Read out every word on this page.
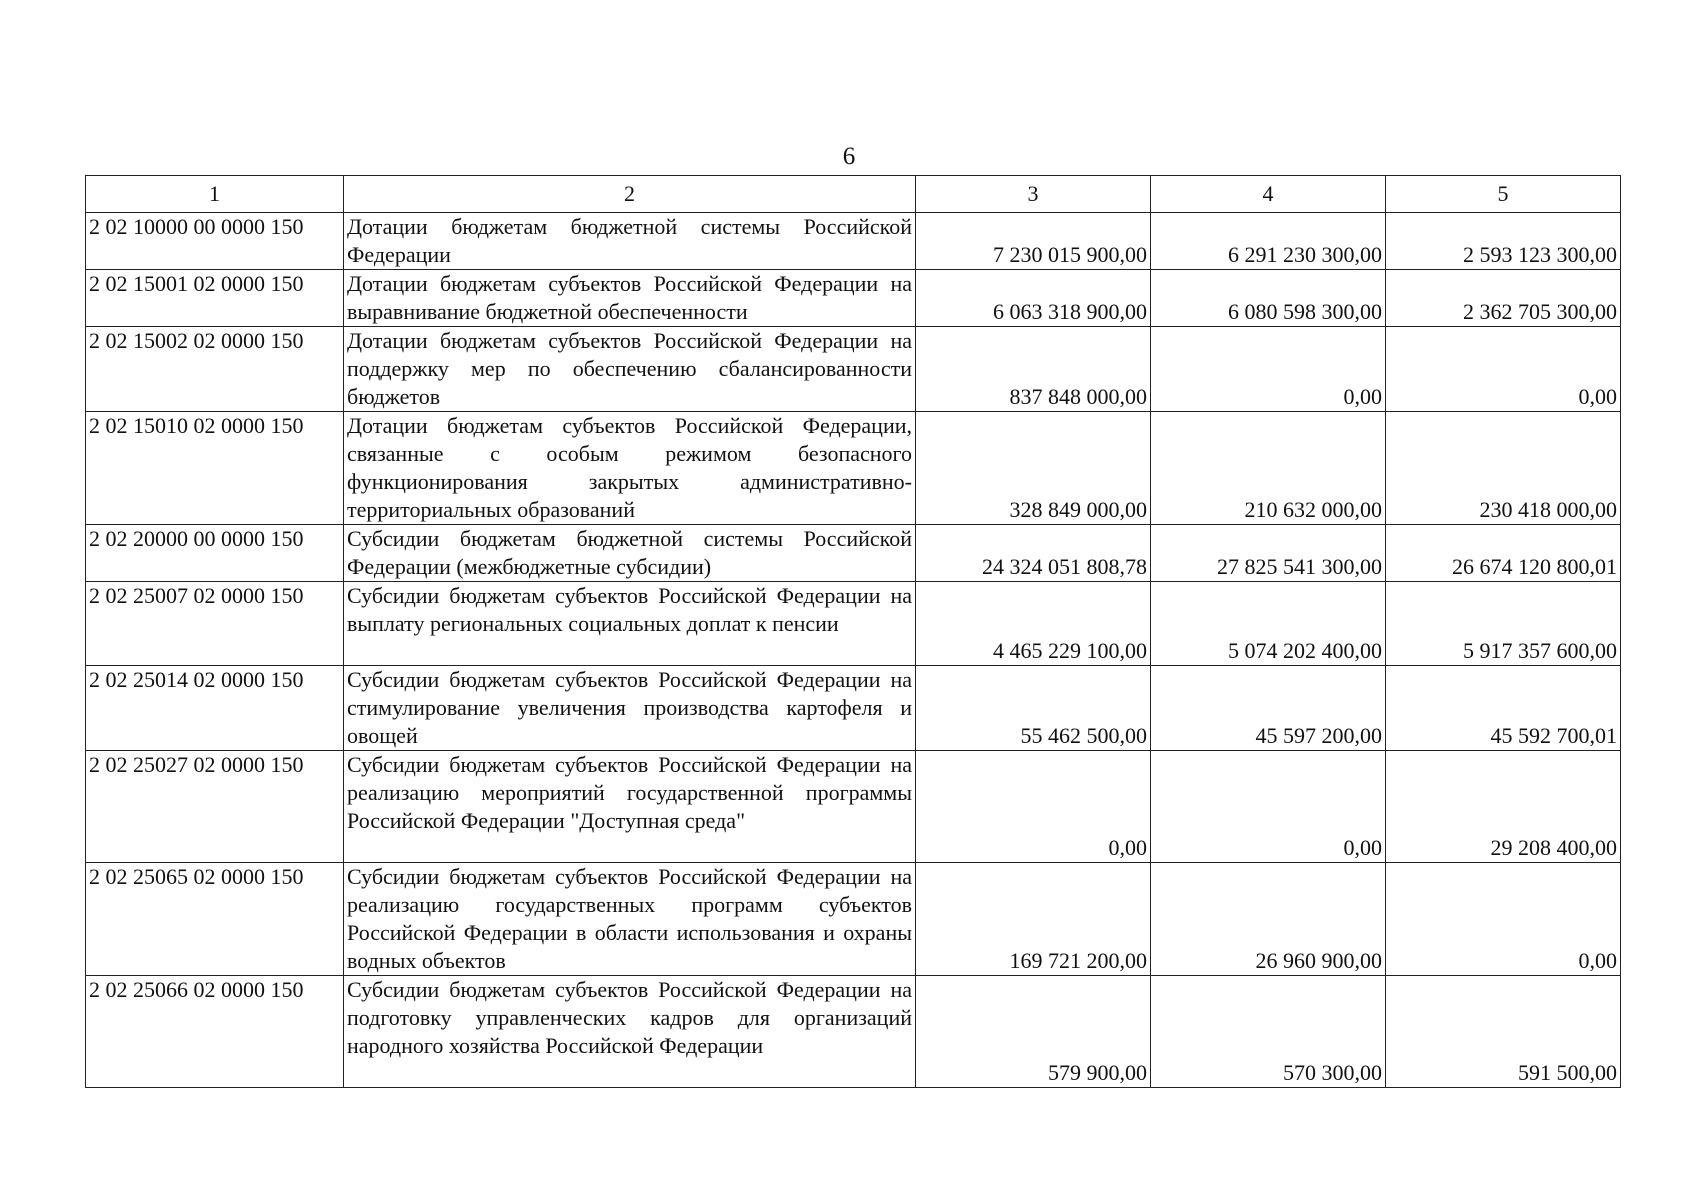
6
1	2	3	4	5
2 02 10000 00 0000 150	Дотации бюджетам бюджетной системы Российской Федерации	7 230 015 900,00	6 291 230 300,00	2 593 123 300,00
2 02 15001 02 0000 150	Дотации бюджетам субъектов Российской Федерации на выравнивание бюджетной обеспеченности	6 063 318 900,00	6 080 598 300,00	2 362 705 300,00
2 02 15002 02 0000 150	Дотации бюджетам субъектов Российской Федерации на поддержку мер по обеспечению сбалансированности бюджетов	837 848 000,00	0,00	0,00
2 02 15010 02 0000 150	Дотации бюджетам субъектов Российской Федерации, связанные с особым режимом безопасного функционирования закрытых административно-территориальных образований	328 849 000,00	210 632 000,00	230 418 000,00
2 02 20000 00 0000 150	Субсидии бюджетам бюджетной системы Российской Федерации (межбюджетные субсидии)	24 324 051 808,78	27 825 541 300,00	26 674 120 800,01
2 02 25007 02 0000 150	Субсидии бюджетам субъектов Российской Федерации на выплату региональных социальных доплат к пенсии	4 465 229 100,00	5 074 202 400,00	5 917 357 600,00
2 02 25014 02 0000 150	Субсидии бюджетам субъектов Российской Федерации на стимулирование увеличения производства картофеля и овощей	55 462 500,00	45 597 200,00	45 592 700,01
2 02 25027 02 0000 150	Субсидии бюджетам субъектов Российской Федерации на реализацию мероприятий государственной программы Российской Федерации "Доступная среда"	0,00	0,00	29 208 400,00
2 02 25065 02 0000 150	Субсидии бюджетам субъектов Российской Федерации на реализацию государственных программ субъектов Российской Федерации в области использования и охраны водных объектов	169 721 200,00	26 960 900,00	0,00
2 02 25066 02 0000 150	Субсидии бюджетам субъектов Российской Федерации на подготовку управленческих кадров для организаций народного хозяйства Российской Федерации	579 900,00	570 300,00	591 500,00
